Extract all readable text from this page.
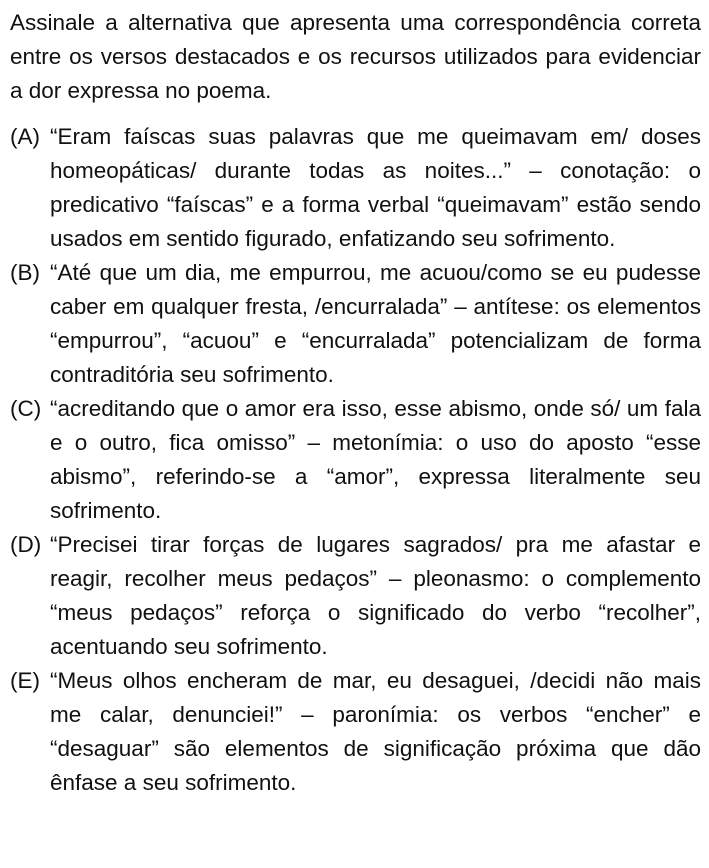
Assinale a alternativa que apresenta uma correspondência correta entre os versos destacados e os recursos utilizados para evidenciar a dor expressa no poema.

(A) “Eram faíscas suas palavras que me queimavam em/ doses homeopáticas/ durante todas as noites...” – conotação: o predicativo “faíscas” e a forma verbal “queimavam” estão sendo usados em sentido figurado, enfatizando seu sofrimento.
(B) “Até que um dia, me empurrou, me acuou/como se eu pudesse caber em qualquer fresta, /encurralada” – antítese: os elementos “empurrou”, “acuou” e “encurralada” potencializam de forma contraditória seu sofrimento.
(C) “acreditando que o amor era isso, esse abismo, onde só/ um fala e o outro, fica omisso” – metonímia: o uso do aposto “esse abismo”, referindo-se a “amor”, expressa literalmente seu sofrimento.
(D) “Precisei tirar forças de lugares sagrados/ pra me afastar e reagir, recolher meus pedaços” – pleonasmo: o complemento “meus pedaços” reforça o significado do verbo “recolher”, acentuando seu sofrimento.
(E) “Meus olhos encheram de mar, eu desaguei, /decidi não mais me calar, denunciei!” – paronímia: os verbos “encher” e “desaguar” são elementos de significação próxima que dão ênfase a seu sofrimento.
